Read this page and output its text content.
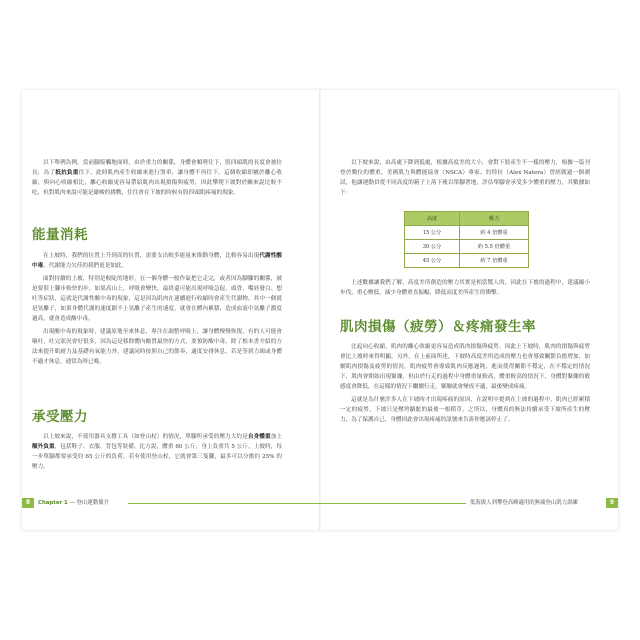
以下舉例為例，當前腳接觸地面時，由於重力的關係，身體會順勢往下，股四頭肌的長度會被拉長，為了抵抗負重往下，此時肌肉產生收縮來進行煞車，讓身體不再往下。這個收縮即屬於離心收縮，與向心收縮相比，離心收縮更容易帶給肌肉出現損傷與疲勞，因此攀爬下坡對於關來說比較不吃，但對肌肉來說可能是嚴峻的挑戰，往往會在下坡的時候有股四頭肌疼痛的現象。

能量消耗

在上坡時，我們的位置上升到高的位置，需要支出較多能量來推動身體，比較容易出現代謝性酸中毒，代謝能力欠佳的我們更是如此。

面對持續的上坡，特別是較陡的地形，在一個身體一般作氣把它走完，或者因為腳腳的關係，被迫要狠上腳步較快的步，如果高山上，呼吸會變快，最終還可能出現呼吸急促、頭昏、嘴唇發白、想吐等症狀，這就是代謝性酸中毒的現象，這是因為肌肉在連續進行收縮時會產生代謝物，其中一個就是氫離子，如果身體代謝的速度跟不上氫離子產生的速度，就會在體內累積，造成血液中氫離子濃度過高，就會造成酸中毒。

出現酸中毒的現象時，建議原地至來休息，專注在調整呼吸上，讓身體慢慢恢復，有的人可能會嘔吐，吐完狀況會好很多，因為這是移除體內酸質最快的方式，要預防酸中毒，除了根本書介紹的方法來提升肌耐力及基礎有氧能力外，建議同時按照自己的節奏，適度安排休息，若是等到力竭或身體不適才休息，通常為時已晚。

承受壓力

以上坡來說，不使用器具支撐工具（如登山杖）的情況，單腳所承受的壓力大約是自身體重加上額外負重，包括鞋子、衣服、背包等裝備。比方說，體重 60 公斤，身上負重共 5 公斤，上坡時，每一步單腳都要承受約 65 公斤的負荷，若有使用登山杖，它就會第三隻腳，最多可以分擔約 25% 的壓力。

8	Chapter 1 — 登山運動簡介

以下坡來說，由高處下降到低處，根據高度差的大小，會對下肢產生不一樣的壓力，根據一篇刊登於數位的體重，美國肌力與體能協會（NSCA）專家、約特拉（Alex Natera）曾經做過一個測試，他讓運動員從不同高度的箱子上落下後以單腳著地，評估單腳會承受多少體重的壓力，其數據如下：

高度	壓力
15 公分	約 4 倍體重
30 公分	約 5.5 倍體重
45 公分	約 7 倍體重

上述數據讓我們了解，高度差所創造的壓力其實是相當驚人的，因此在下坡的過程中，建議縮小步伐，重心壓低，減少身體重直振幅，降低高度差所產生的衝擊。

肌肉損傷（疲勞）＆疼痛發生率

比起向心收縮，肌肉的離心收縮更容易造成肌肉損傷與疲勞，因此上下坡時，肌肉的損傷與疲勞會比上坡時來得明顯。另外，在上前面所述，下坡時高度差所造成的壓力也會導致關節負擔增加，加劇肌肉損傷及疲勞的情況，肌肉疲勞會導致肌肉反應遲鈍，進而使得關節不穩定，在不穩定的情況下，肌肉會開始出現緊繃，但由於行走的過程中身體重量較高，體重較高的情況下，身體對緊繃的敏感度會降低，在這樣的情況下繼續行走，緊繃就會變成不適，最後變成疼痛。

這就是為什麼許多人在下坡時才出現疼痛的原因，在說明中提到在上坡的過程中，肌肉已經累積一定的疲勞，下坡只是壓垮駱駝的最後一根稻草，之所以，身體真的無法持續承受下坡所產生的壓力，為了保護自己，身體因此會出現疼痛的訊號來告訴你應該停止了。

低海拔人到攀登高峰適用的無痛登山肌力訓練	9
